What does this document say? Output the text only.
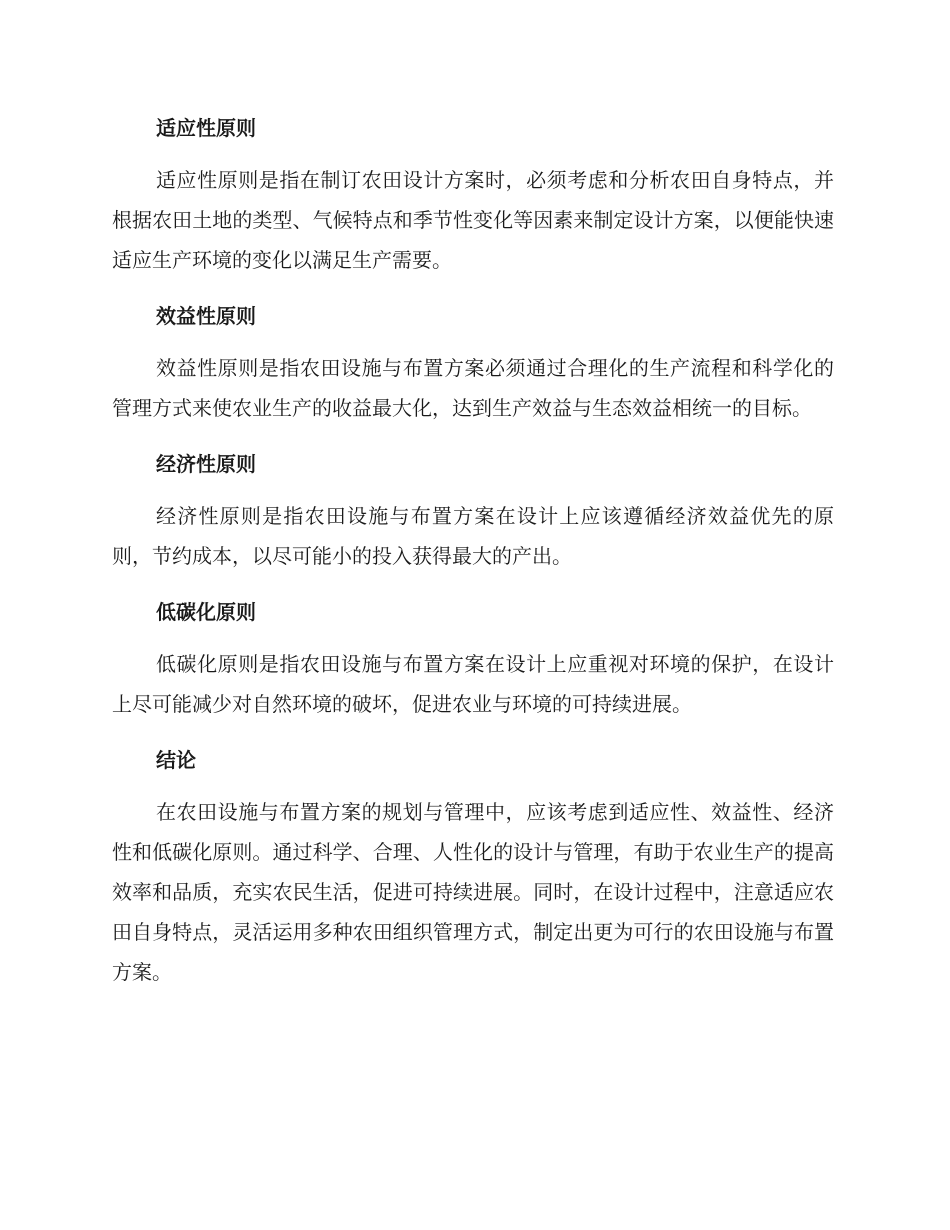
适应性原则

适应性原则是指在制订农田设计方案时，必须考虑和分析农田自身特点，并根据农田土地的类型、气候特点和季节性变化等因素来制定设计方案，以便能快速适应生产环境的变化以满足生产需要。

效益性原则

效益性原则是指农田设施与布置方案必须通过合理化的生产流程和科学化的管理方式来使农业生产的收益最大化，达到生产效益与生态效益相统一的目标。

经济性原则

经济性原则是指农田设施与布置方案在设计上应该遵循经济效益优先的原则，节约成本，以尽可能小的投入获得最大的产出。

低碳化原则

低碳化原则是指农田设施与布置方案在设计上应重视对环境的保护，在设计上尽可能减少对自然环境的破坏，促进农业与环境的可持续进展。

结论

在农田设施与布置方案的规划与管理中，应该考虑到适应性、效益性、经济性和低碳化原则。通过科学、合理、人性化的设计与管理，有助于农业生产的提高效率和品质，充实农民生活，促进可持续进展。同时，在设计过程中，注意适应农田自身特点，灵活运用多种农田组织管理方式，制定出更为可行的农田设施与布置方案。
